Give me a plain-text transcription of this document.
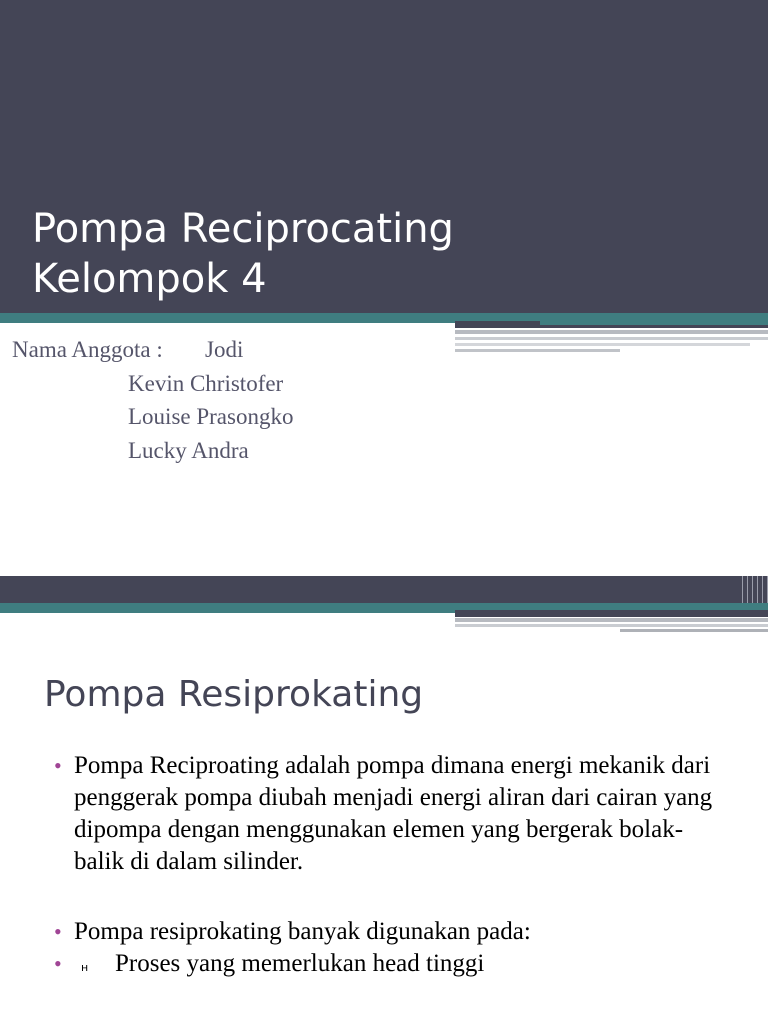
Pompa Reciprocating
Kelompok 4
Nama Anggota : Jodi
Kevin Christofer
Louise Prasongko
Lucky Andra
Pompa Resiprokating
• Pompa Reciproating adalah pompa dimana energi mekanik dari penggerak pompa diubah menjadi energi aliran dari cairan yang dipompa dengan menggunakan elemen yang bergerak bolak-balik di dalam silinder.
• Pompa resiprokating banyak digunakan pada:
• ʜ Proses yang memerlukan head tinggi
